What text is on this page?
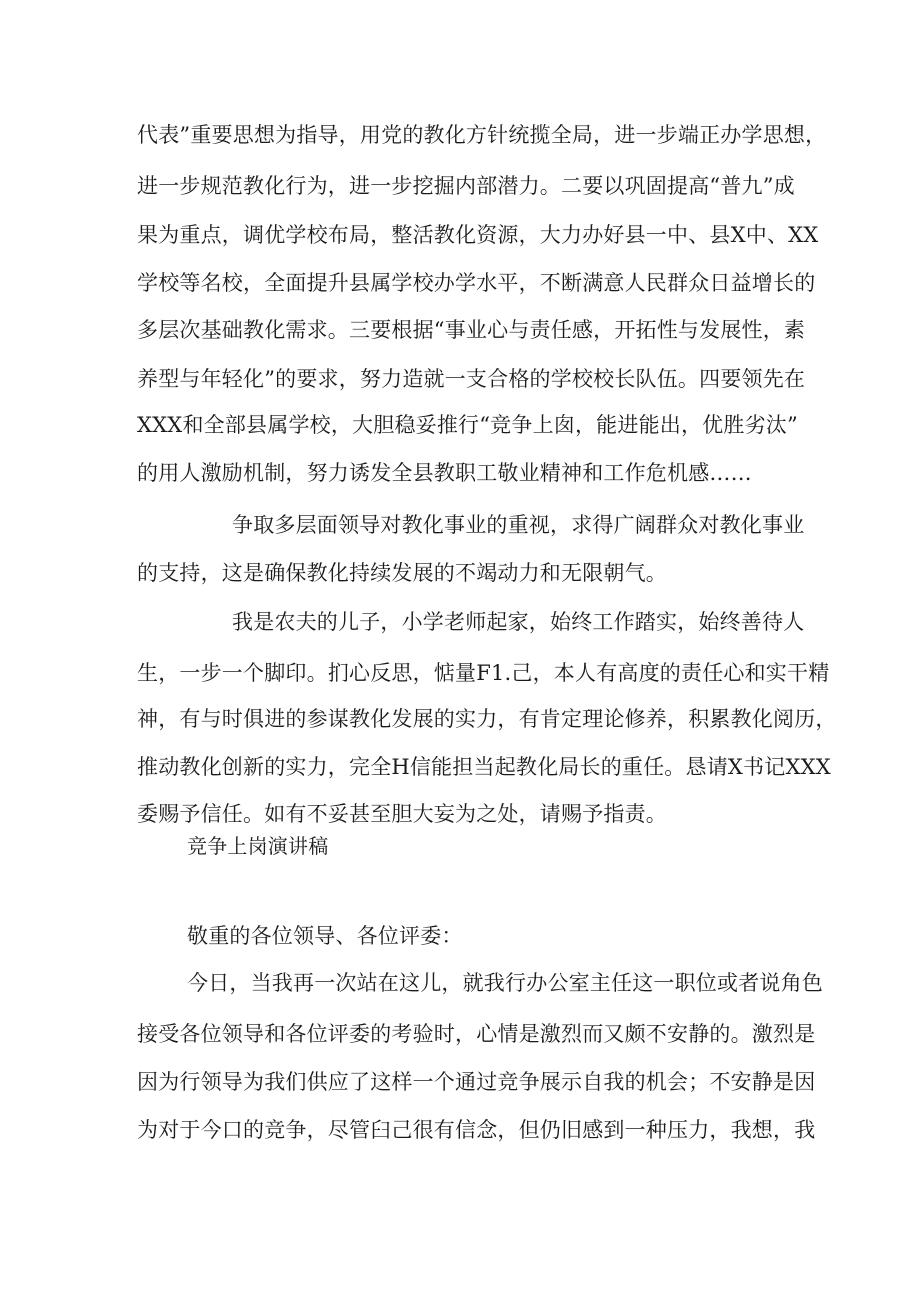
代表”重要思想为指导，用党的教化方针统揽全局，进一步端正办学思想，
进一步规范教化行为，进一步挖掘内部潜力。二要以巩固提高“普九”成
果为重点，调优学校布局，整活教化资源，大力办好县一中、县X中、XX
学校等名校，全面提升县属学校办学水平，不断满意人民群众日益增长的
多层次基础教化需求。三要根据“事业心与责任感，开拓性与发展性，素
养型与年轻化”的要求，努力造就一支合格的学校校长队伍。四要领先在
XXX和全部县属学校，大胆稳妥推行“竞争上囱，能进能出，优胜劣汰”
的用人激励机制，努力诱发全县教职工敬业精神和工作危机感……
争取多层面领导对教化事业的重视，求得广阔群众对教化事业
的支持，这是确保教化持续发展的不竭动力和无限朝气。
我是农夫的儿子，小学老师起家，始终工作踏实，始终善待人
生，一步一个脚印。扪心反思，惦量F1.己，本人有高度的责任心和实干精
神，有与时俱进的参谋教化发展的实力，有肯定理论修养，积累教化阅历，
推动教化创新的实力，完全H信能担当起教化局长的重任。恳请X书记XXX
委赐予信任。如有不妥甚至胆大妄为之处，请赐予指责。
竞争上岗演讲稿
敬重的各位领导、各位评委：
今日，当我再一次站在这儿，就我行办公室主任这一职位或者说角色
接受各位领导和各位评委的考验时，心情是激烈而又颇不安静的。激烈是
因为行领导为我们供应了这样一个通过竞争展示自我的机会；不安静是因
为对于今口的竞争，尽管臼己很有信念，但仍旧感到一种压力，我想，我
